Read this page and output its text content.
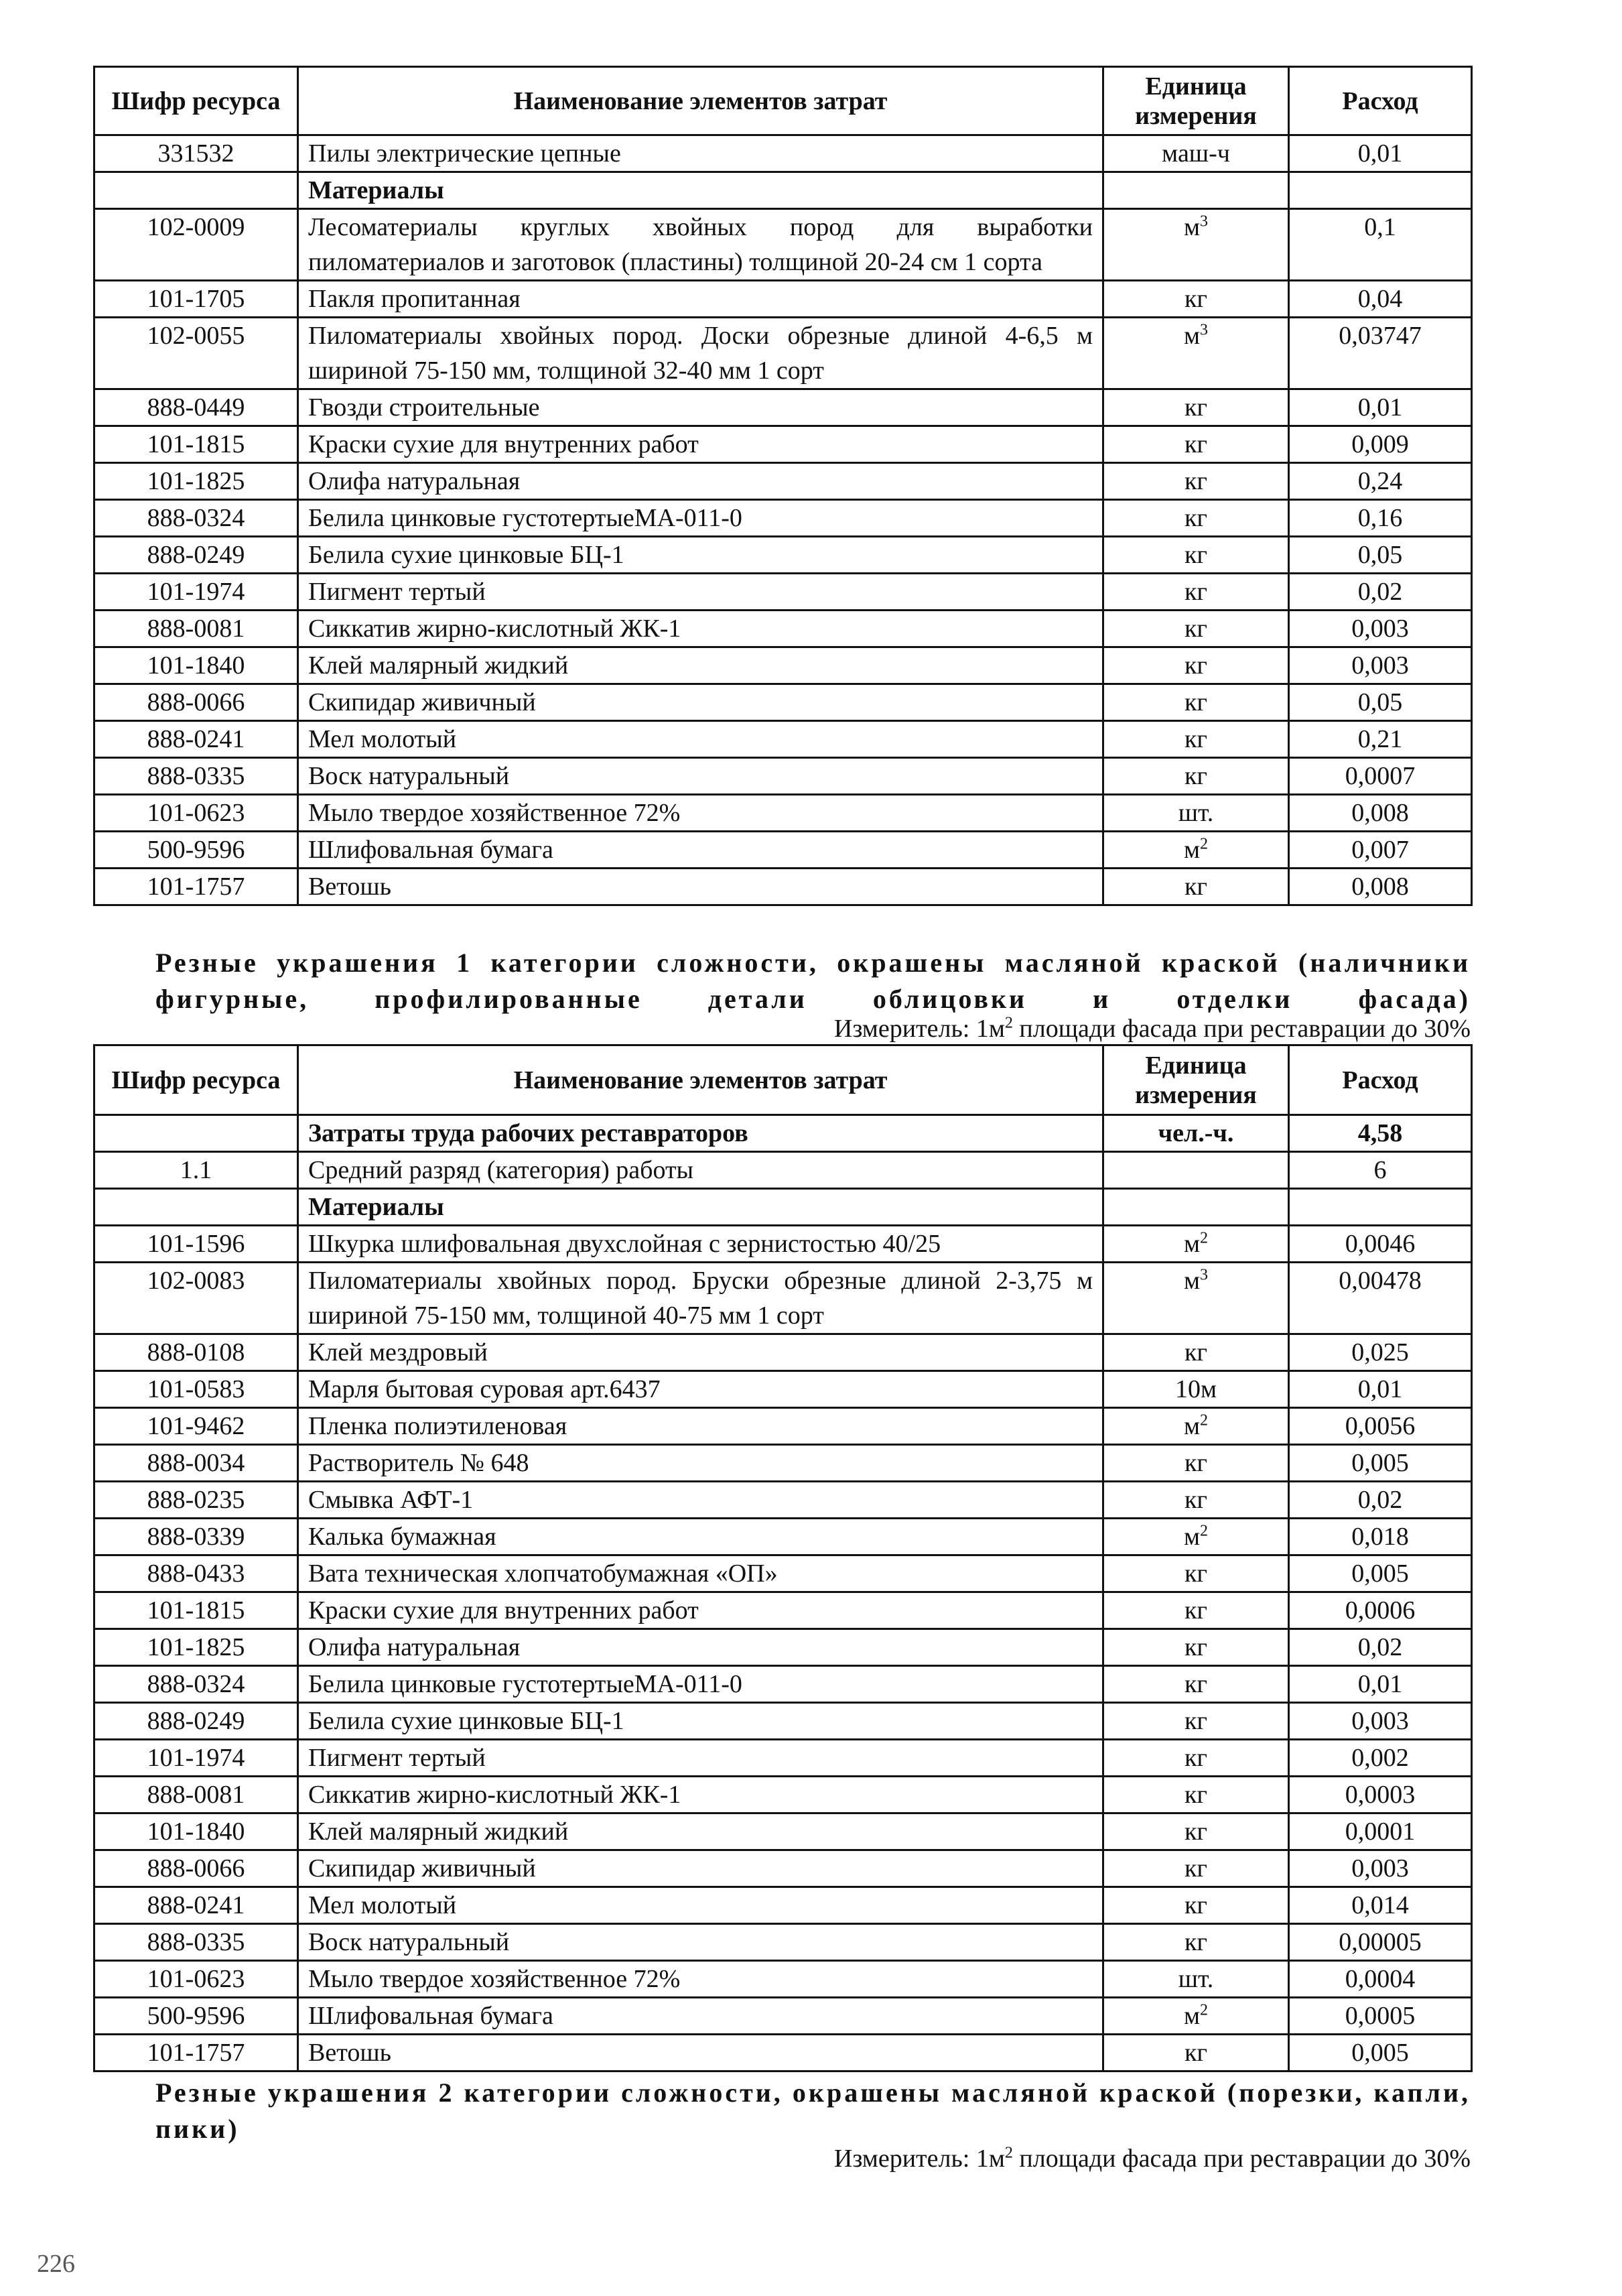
Шифр ресурса	Наименование элементов затрат	Единица измерения	Расход
331532	Пилы электрические цепные	маш-ч	0,01
	Материалы		
102-0009	Лесоматериалы круглых хвойных пород для выработки пиломатериалов и заготовок (пластины) толщиной 20-24 см 1 сорта	$м^3$	0,1
101-1705	Пакля пропитанная	кг	0,04
102-0055	Пиломатериалы хвойных пород. Доски обрезные длиной 4-6,5 м шириной 75-150 мм, толщиной 32-40 мм 1 сорт	$м^3$	0,03747
888-0449	Гвозди строительные	кг	0,01
101-1815	Краски сухие для внутренних работ	кг	0,009
101-1825	Олифа натуральная	кг	0,24
888-0324	Белила цинковые густотертыеМА-011-0	кг	0,16
888-0249	Белила сухие цинковые БЦ-1	кг	0,05
101-1974	Пигмент тертый	кг	0,02
888-0081	Сиккатив жирно-кислотный ЖК-1	кг	0,003
101-1840	Клей малярный жидкий	кг	0,003
888-0066	Скипидар живичный	кг	0,05
888-0241	Мел молотый	кг	0,21
888-0335	Воск натуральный	кг	0,0007
101-0623	Мыло твердое хозяйственное 72%	шт.	0,008
500-9596	Шлифовальная бумага	$м^2$	0,007
101-1757	Ветошь	кг	0,008
Резные украшения 1 категории сложности, окрашены масляной краской (наличники фигурные, профилированные детали облицовки и отделки фасада)
Измеритель: $1м^2$ площади фасада при реставрации до 30%
Шифр ресурса	Наименование элементов затрат	Единица измерения	Расход
	Затраты труда рабочих реставраторов	чел.-ч.	4,58
1.1	Средний разряд (категория) работы		6
	Материалы		
101-1596	Шкурка шлифовальная двухслойная с зернистостью 40/25	$м^2$	0,0046
102-0083	Пиломатериалы хвойных пород. Бруски обрезные длиной 2-3,75 м шириной 75-150 мм, толщиной 40-75 мм 1 сорт	$м^3$	0,00478
888-0108	Клей мездровый	кг	0,025
101-0583	Марля бытовая суровая арт.6437	10м	0,01
101-9462	Пленка полиэтиленовая	$м^2$	0,0056
888-0034	Растворитель № 648	кг	0,005
888-0235	Смывка АФТ-1	кг	0,02
888-0339	Калька бумажная	$м^2$	0,018
888-0433	Вата техническая хлопчатобумажная «ОП»	кг	0,005
101-1815	Краски сухие для внутренних работ	кг	0,0006
101-1825	Олифа натуральная	кг	0,02
888-0324	Белила цинковые густотертыеМА-011-0	кг	0,01
888-0249	Белила сухие цинковые БЦ-1	кг	0,003
101-1974	Пигмент тертый	кг	0,002
888-0081	Сиккатив жирно-кислотный ЖК-1	кг	0,0003
101-1840	Клей малярный жидкий	кг	0,0001
888-0066	Скипидар живичный	кг	0,003
888-0241	Мел молотый	кг	0,014
888-0335	Воск натуральный	кг	0,00005
101-0623	Мыло твердое хозяйственное 72%	шт.	0,0004
500-9596	Шлифовальная бумага	$м^2$	0,0005
101-1757	Ветошь	кг	0,005
Резные украшения 2 категории сложности, окрашены масляной краской (порезки, капли, пики)
Измеритель: $1м^2$ площади фасада при реставрации до 30%
226
